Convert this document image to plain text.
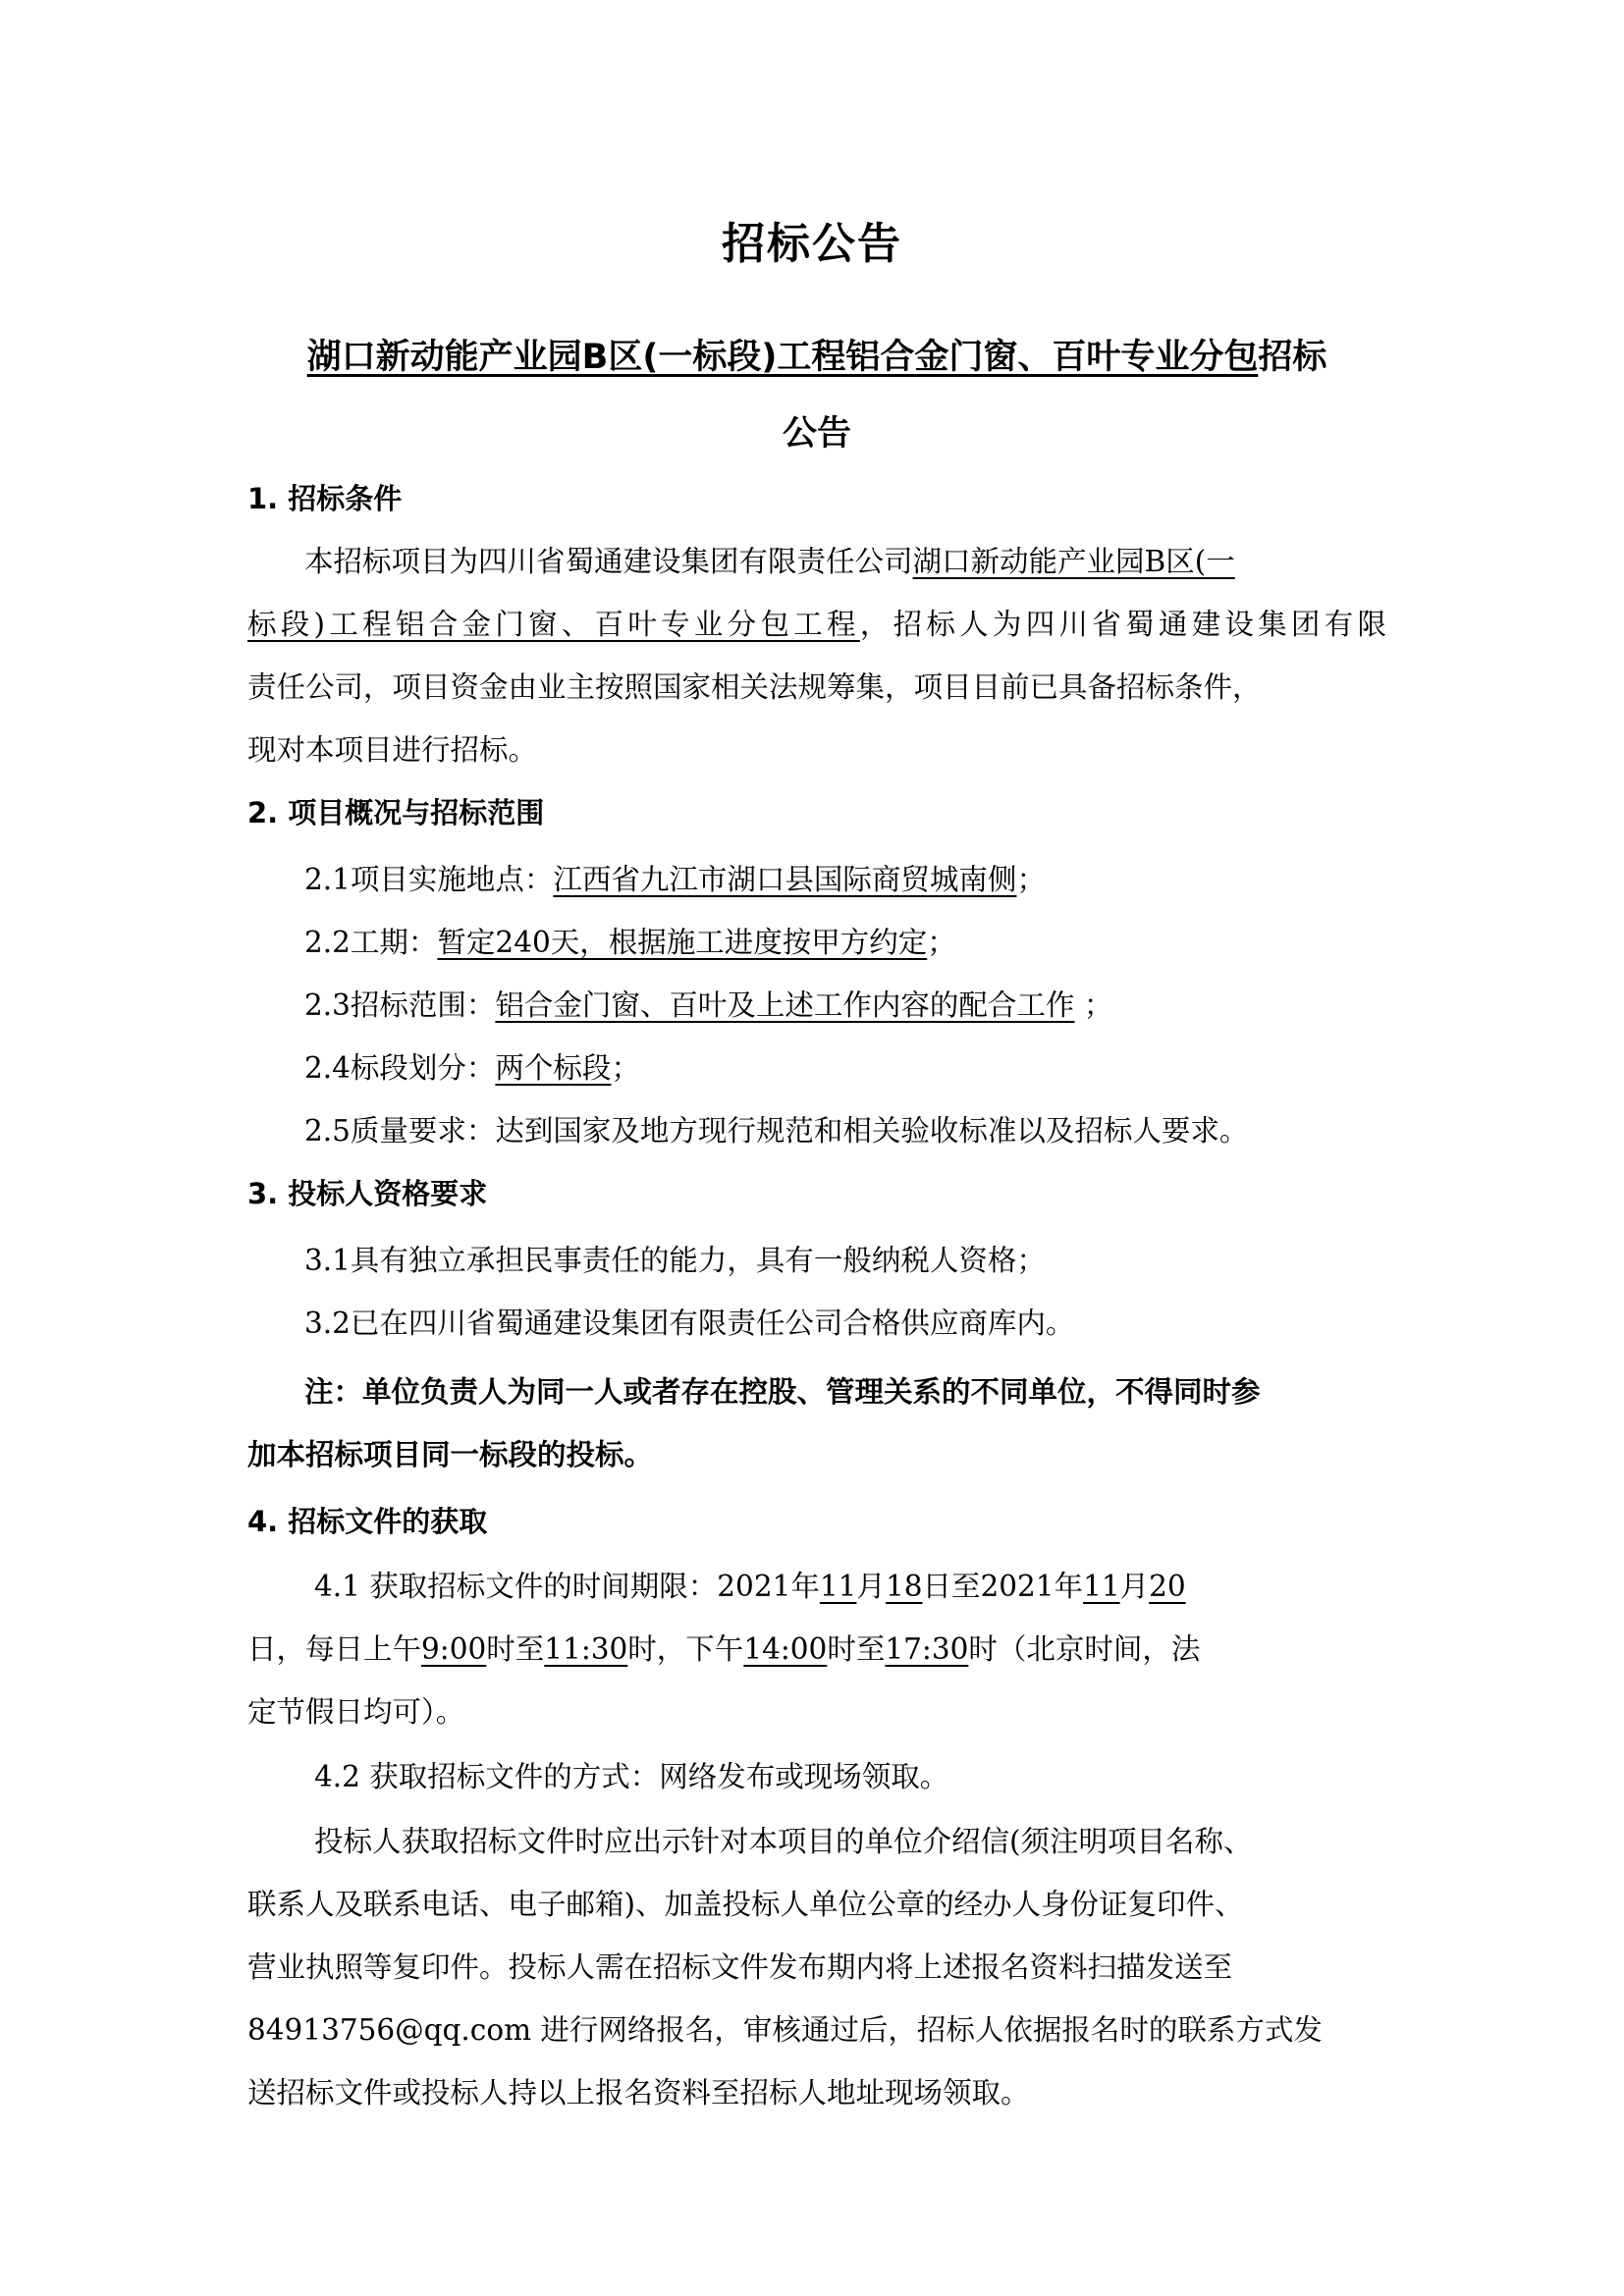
招标公告
湖口新动能产业园B区(一标段)工程铝合金门窗、百叶专业分包招标
公告
1. 招标条件
本招标项目为四川省蜀通建设集团有限责任公司湖口新动能产业园B区(一
标段)工程铝合金门窗、百叶专业分包工程，招标人为四川省蜀通建设集团有限
责任公司，项目资金由业主按照国家相关法规筹集，项目目前已具备招标条件，
现对本项目进行招标。
2. 项目概况与招标范围
2.1项目实施地点：江西省九江市湖口县国际商贸城南侧；
2.2工期：暂定240天，根据施工进度按甲方约定；
2.3招标范围：铝合金门窗、百叶及上述工作内容的配合工作 ；
2.4标段划分：两个标段；
2.5质量要求：达到国家及地方现行规范和相关验收标准以及招标人要求。
3. 投标人资格要求
3.1具有独立承担民事责任的能力，具有一般纳税人资格；
3.2已在四川省蜀通建设集团有限责任公司合格供应商库内。
注：单位负责人为同一人或者存在控股、管理关系的不同单位，不得同时参
加本招标项目同一标段的投标。
4. 招标文件的获取
4.1 获取招标文件的时间期限：2021年11月18日至2021年11月20
日，每日上午9:00时至11:30时，下午14:00时至17:30时（北京时间，法
定节假日均可）。
4.2 获取招标文件的方式：网络发布或现场领取。
投标人获取招标文件时应出示针对本项目的单位介绍信(须注明项目名称、
联系人及联系电话、电子邮箱)、加盖投标人单位公章的经办人身份证复印件、
营业执照等复印件。投标人需在招标文件发布期内将上述报名资料扫描发送至
84913756@qq.com 进行网络报名，审核通过后，招标人依据报名时的联系方式发
送招标文件或投标人持以上报名资料至招标人地址现场领取。
